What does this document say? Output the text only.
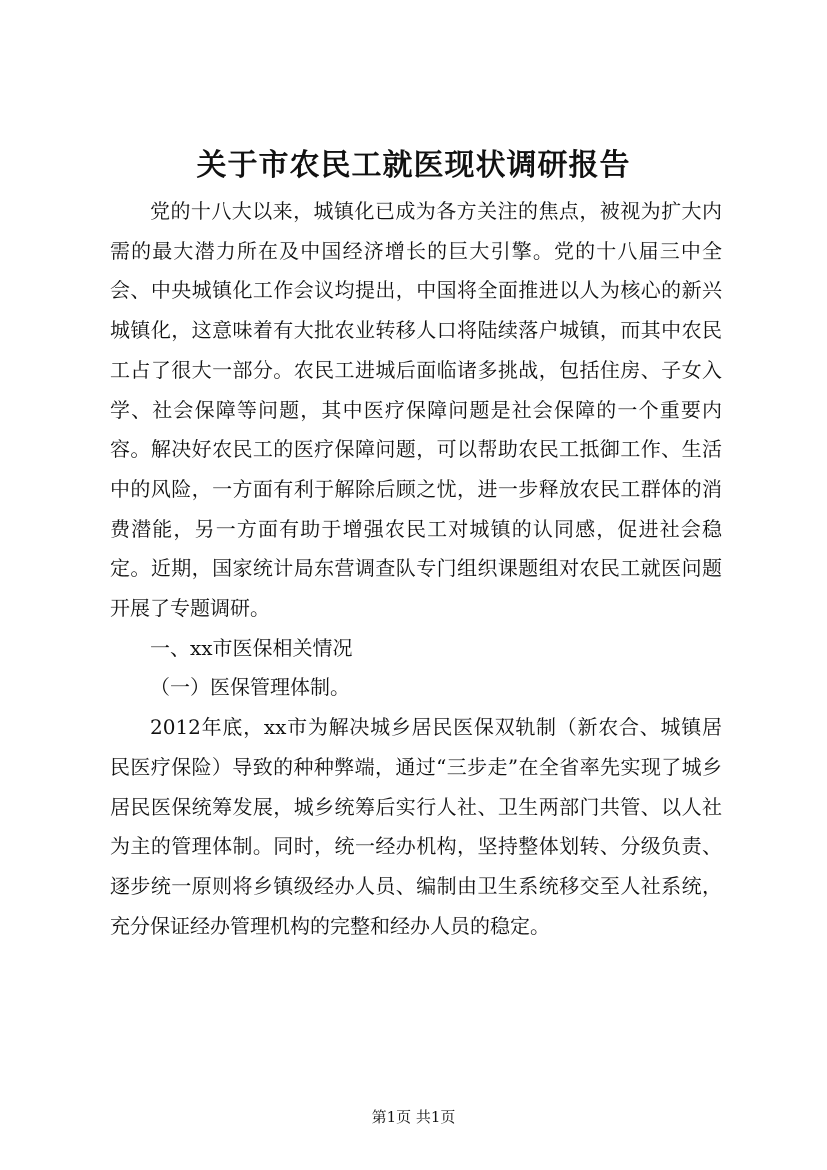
关于市农民工就医现状调研报告

党的十八大以来，城镇化已成为各方关注的焦点，被视为扩大内需的最大潜力所在及中国经济增长的巨大引擎。党的十八届三中全会、中央城镇化工作会议均提出，中国将全面推进以人为核心的新兴城镇化，这意味着有大批农业转移人口将陆续落户城镇，而其中农民工占了很大一部分。农民工进城后面临诸多挑战，包括住房、子女入学、社会保障等问题，其中医疗保障问题是社会保障的一个重要内容。解决好农民工的医疗保障问题，可以帮助农民工抵御工作、生活中的风险，一方面有利于解除后顾之忧，进一步释放农民工群体的消费潜能，另一方面有助于增强农民工对城镇的认同感，促进社会稳定。近期，国家统计局东营调查队专门组织课题组对农民工就医问题开展了专题调研。

一、xx市医保相关情况

（一）医保管理体制。

2012年底，xx市为解决城乡居民医保双轨制（新农合、城镇居民医疗保险）导致的种种弊端，通过“三步走”在全省率先实现了城乡居民医保统筹发展，城乡统筹后实行人社、卫生两部门共管、以人社为主的管理体制。同时，统一经办机构，坚持整体划转、分级负责、逐步统一原则将乡镇级经办人员、编制由卫生系统移交至人社系统，充分保证经办管理机构的完整和经办人员的稳定。

第1页 共1页
